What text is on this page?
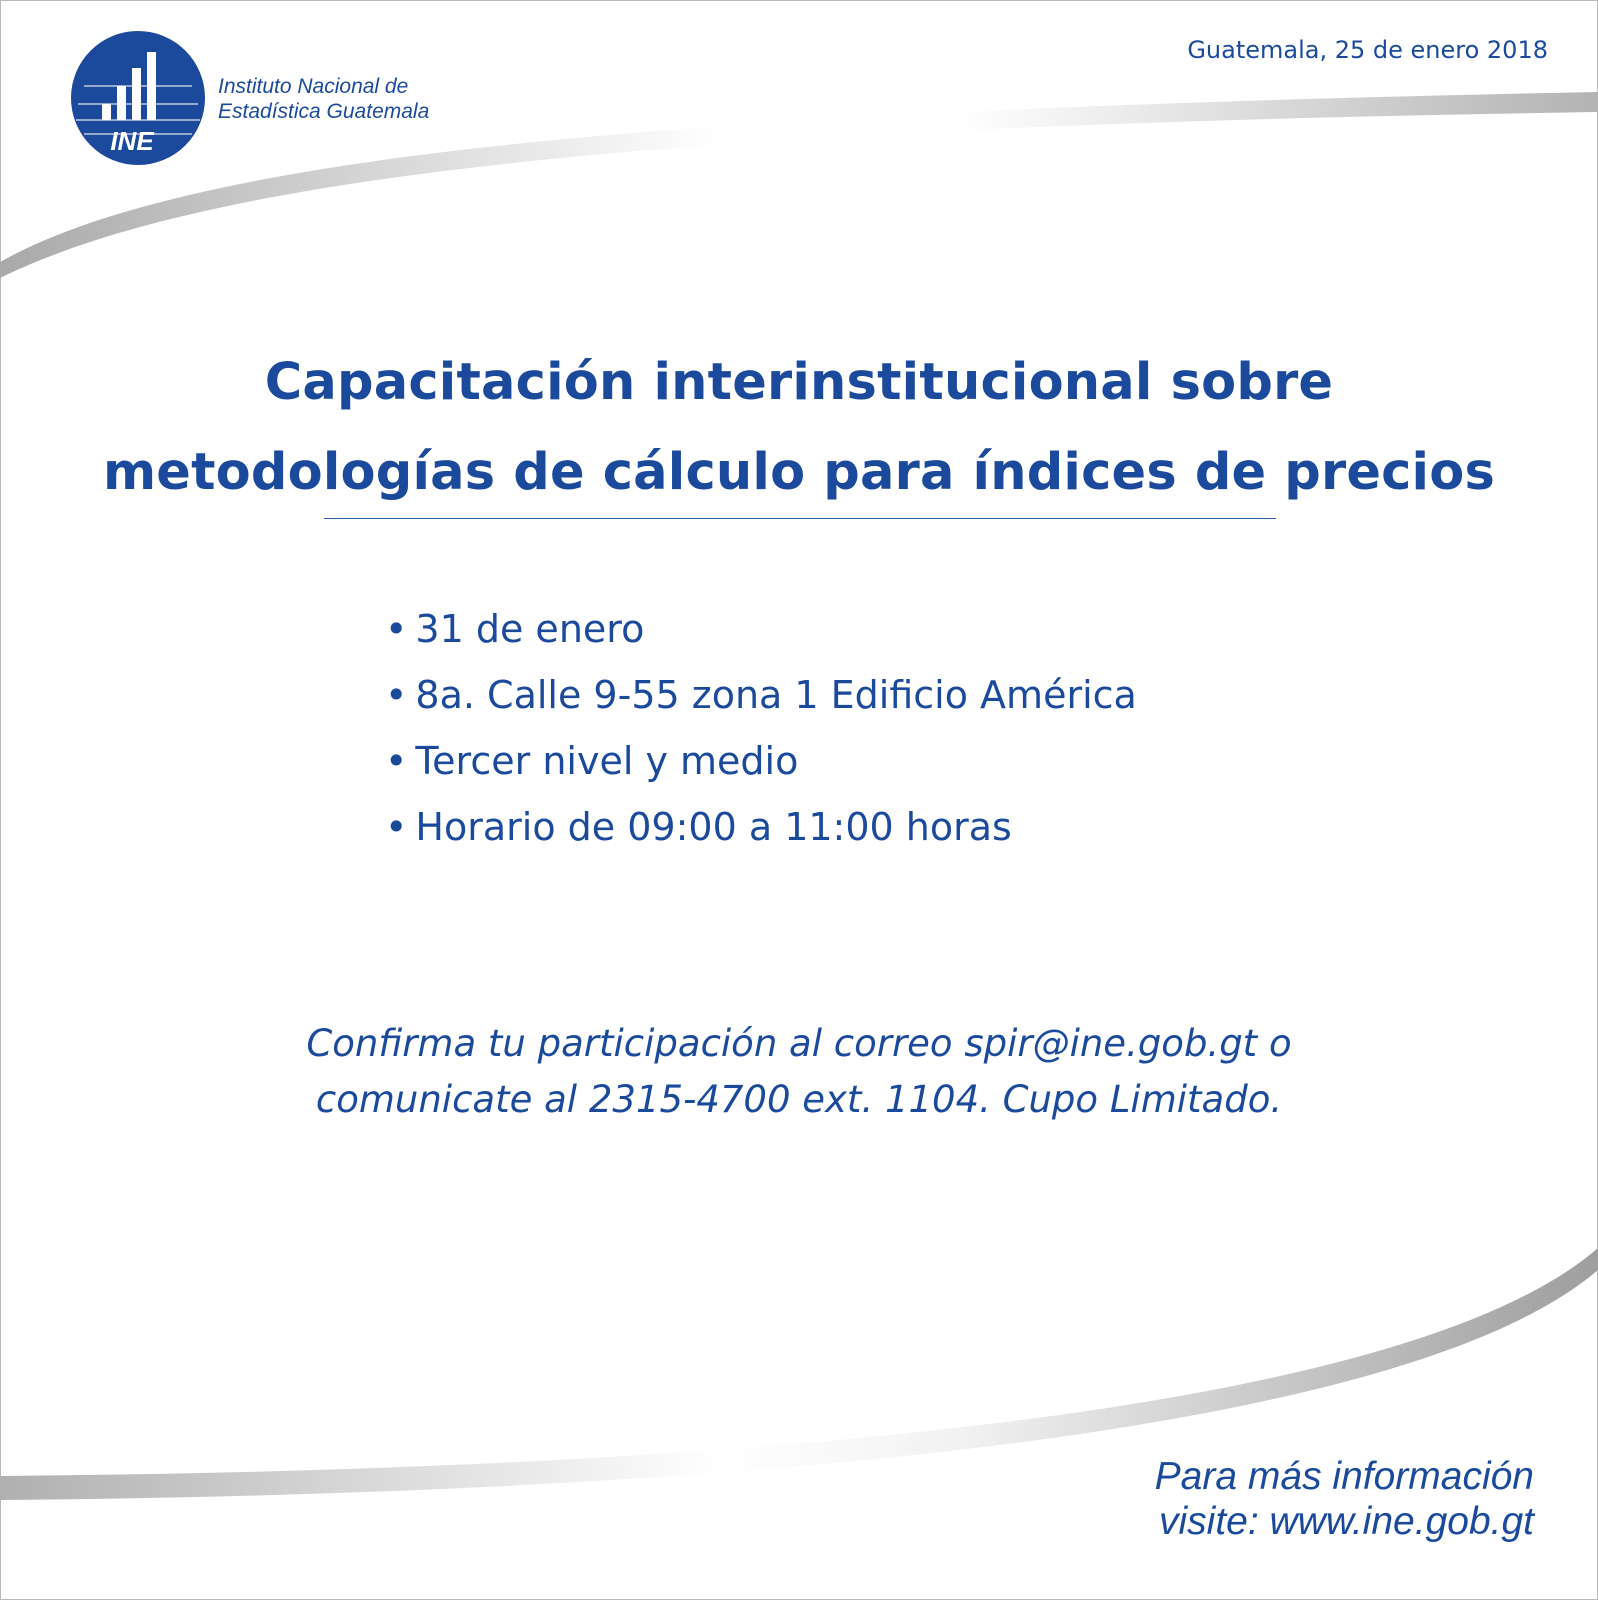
INE
Instituto Nacional de
Estadística Guatemala
Guatemala, 25 de enero 2018
Capacitación interinstitucional sobre
metodologías de cálculo para índices de precios
• 31 de enero
• 8a. Calle 9-55 zona 1 Edificio América
• Tercer nivel y medio
• Horario de 09:00 a 11:00 horas
Confirma tu participación al correo spir@ine.gob.gt o
comunicate al 2315-4700 ext. 1104. Cupo Limitado.
Para más información
visite: www.ine.gob.gt
